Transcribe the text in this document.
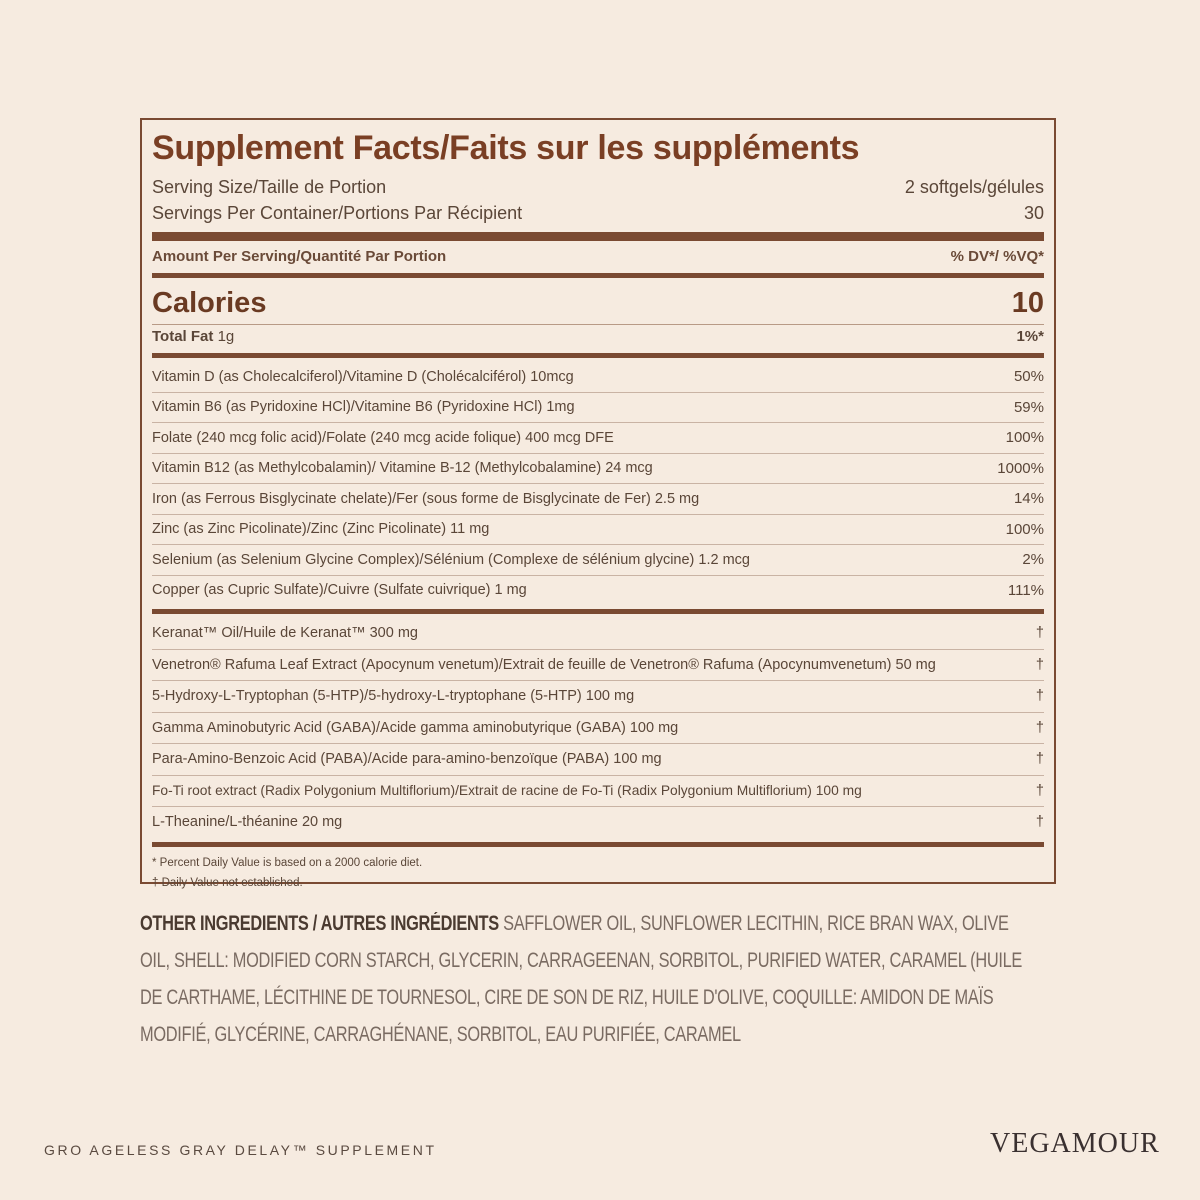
Supplement Facts/Faits sur les suppléments
Serving Size/Taille de Portion	2 softgels/gélules
Servings Per Container/Portions Par Récipient	30
Amount Per Serving/Quantité Par Portion	% DV*/ %VQ*
Calories	10
Total Fat 1g	1%*
Vitamin D (as Cholecalciferol)/Vitamine D (Cholécalciférol) 10mcg	50%
Vitamin B6 (as Pyridoxine HCl)/Vitamine B6 (Pyridoxine HCl) 1mg	59%
Folate (240 mcg folic acid)/Folate (240 mcg acide folique) 400 mcg DFE	100%
Vitamin B12 (as Methylcobalamin)/ Vitamine B-12 (Methylcobalamine) 24 mcg	1000%
Iron (as Ferrous Bisglycinate chelate)/Fer (sous forme de Bisglycinate de Fer) 2.5 mg	14%
Zinc (as Zinc Picolinate)/Zinc (Zinc Picolinate) 11 mg	100%
Selenium (as Selenium Glycine Complex)/Sélénium (Complexe de sélénium glycine) 1.2 mcg	2%
Copper (as Cupric Sulfate)/Cuivre (Sulfate cuivrique) 1 mg	111%
Keranat™ Oil/Huile de Keranat™ 300 mg	†
Venetron® Rafuma Leaf Extract (Apocynum venetum)/Extrait de feuille de Venetron® Rafuma (Apocynumvenetum) 50 mg	†
5-Hydroxy-L-Tryptophan (5-HTP)/5-hydroxy-L-tryptophane (5-HTP) 100 mg	†
Gamma Aminobutyric Acid (GABA)/Acide gamma aminobutyrique (GABA) 100 mg	†
Para-Amino-Benzoic Acid (PABA)/Acide para-amino-benzoïque (PABA) 100 mg	†
Fo-Ti root extract (Radix Polygonium Multiflorium)/Extrait de racine de Fo-Ti (Radix Polygonium Multiflorium) 100 mg	†
L-Theanine/L-théanine 20 mg	†
* Percent Daily Value is based on a 2000 calorie diet.
† Daily Value not established.
OTHER INGREDIENTS / AUTRES INGRÉDIENTS SAFFLOWER OIL, SUNFLOWER LECITHIN, RICE BRAN WAX, OLIVE OIL, SHELL: MODIFIED CORN STARCH, GLYCERIN, CARRAGEENAN, SORBITOL, PURIFIED WATER, CARAMEL (HUILE DE CARTHAME, LÉCITHINE DE TOURNESOL, CIRE DE SON DE RIZ, HUILE D'OLIVE, COQUILLE: AMIDON DE MAÏS MODIFIÉ, GLYCÉRINE, CARRAGHÉNANE, SORBITOL, EAU PURIFIÉE, CARAMEL
GRO AGELESS GRAY DELAY™ SUPPLEMENT	VEGAMOUR
